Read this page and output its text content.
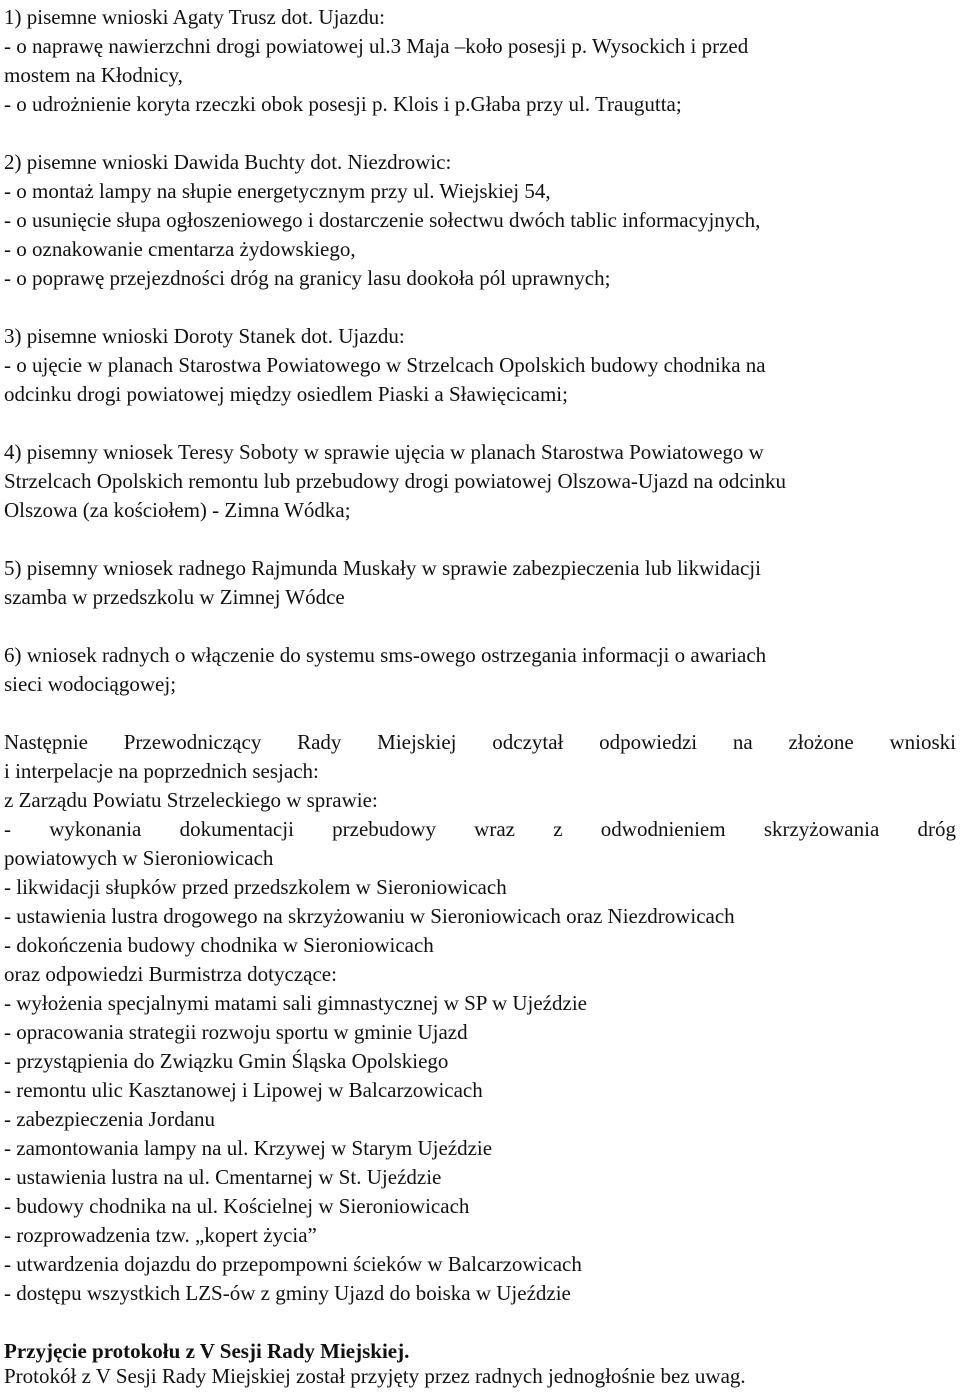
1) pisemne wnioski Agaty Trusz dot. Ujazdu:
- o naprawę nawierzchni drogi powiatowej ul.3 Maja –koło posesji p. Wysockich i przed
mostem na Kłodnicy,
- o udrożnienie koryta rzeczki obok posesji p. Klois i p.Głaba przy ul. Traugutta;
2) pisemne wnioski Dawida Buchty dot. Niezdrowic:
- o montaż lampy na słupie energetycznym przy ul. Wiejskiej 54,
- o usunięcie słupa ogłoszeniowego i dostarczenie sołectwu dwóch tablic informacyjnych,
- o oznakowanie cmentarza żydowskiego,
- o poprawę przejezdności dróg na granicy lasu dookoła pól uprawnych;
3) pisemne wnioski Doroty Stanek dot. Ujazdu:
- o ujęcie w planach Starostwa Powiatowego w Strzelcach Opolskich budowy chodnika na
odcinku drogi powiatowej między osiedlem Piaski a Sławięcicami;
4) pisemny wniosek Teresy Soboty w sprawie ujęcia w planach Starostwa Powiatowego w
Strzelcach Opolskich remontu lub przebudowy drogi powiatowej Olszowa-Ujazd na odcinku
Olszowa (za kościołem) - Zimna Wódka;
5) pisemny wniosek radnego Rajmunda Muskały w sprawie zabezpieczenia lub likwidacji
szamba w przedszkolu w Zimnej Wódce
6) wniosek radnych o włączenie do systemu sms-owego ostrzegania informacji o awariach
sieci wodociągowej;
Następnie Przewodniczący Rady Miejskiej odczytał odpowiedzi na złożone wnioski
i interpelacje na poprzednich sesjach:
z Zarządu Powiatu Strzeleckiego w sprawie:
- wykonania dokumentacji przebudowy wraz z odwodnieniem skrzyżowania dróg
powiatowych w Sieroniowicach
- likwidacji słupków przed przedszkolem w Sieroniowicach
- ustawienia lustra drogowego na skrzyżowaniu w Sieroniowicach oraz Niezdrowicach
- dokończenia budowy chodnika w Sieroniowicach
oraz odpowiedzi Burmistrza dotyczące:
- wyłożenia specjalnymi matami sali gimnastycznej w SP w Ujeździe
- opracowania strategii rozwoju sportu w gminie Ujazd
- przystąpienia do Związku Gmin Śląska Opolskiego
- remontu ulic Kasztanowej i Lipowej w Balcarzowicach
- zabezpieczenia Jordanu
- zamontowania lampy na ul. Krzywej w Starym Ujeździe
- ustawienia lustra na ul. Cmentarnej w St. Ujeździe
- budowy chodnika na ul. Kościelnej w Sieroniowicach
- rozprowadzenia tzw. „kopert życia”
- utwardzenia dojazdu do przepompowni ścieków w Balcarzowicach
- dostępu wszystkich LZS-ów z gminy Ujazd do boiska w Ujeździe
Przyjęcie protokołu z V Sesji Rady Miejskiej.
Protokół z V Sesji Rady Miejskiej został przyjęty przez radnych jednogłośnie bez uwag.
